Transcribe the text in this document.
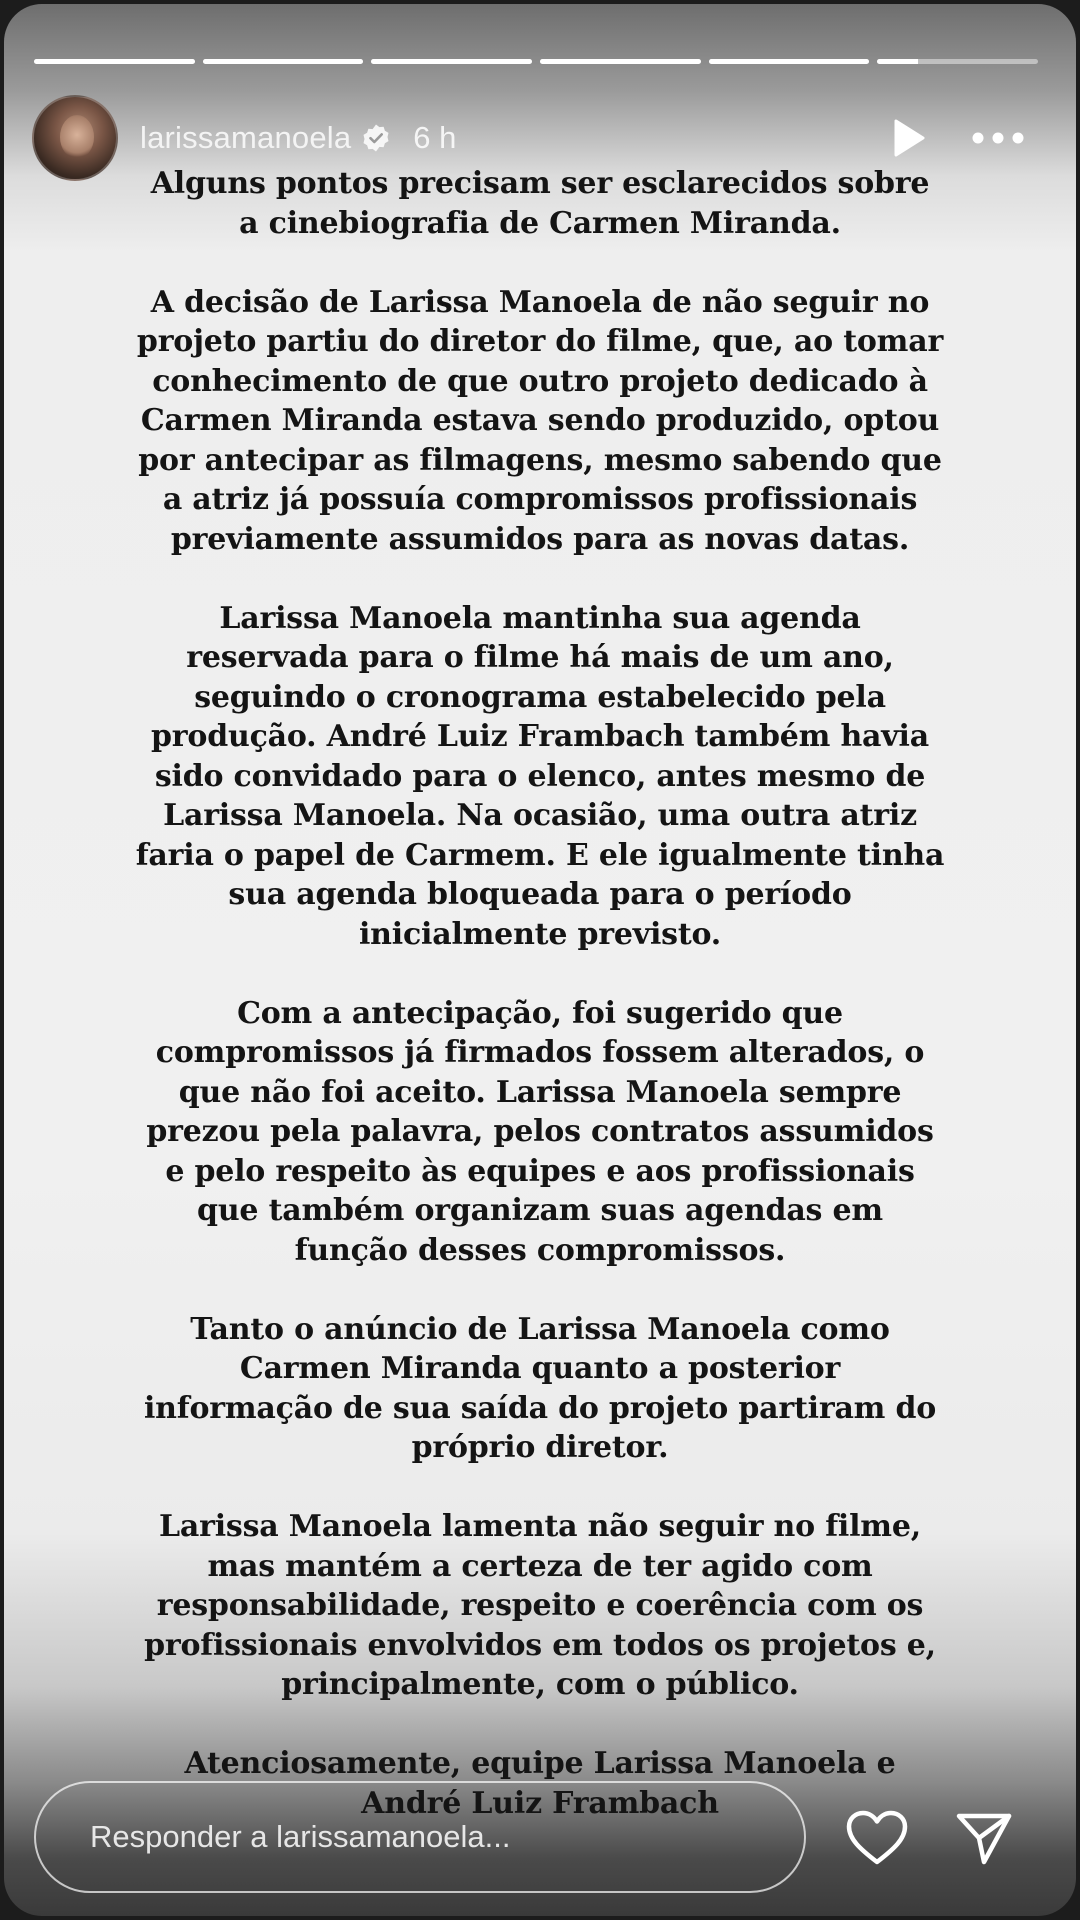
larissamanoela 6 h

Alguns pontos precisam ser esclarecidos sobre
a cinebiografia de Carmen Miranda.

A decisão de Larissa Manoela de não seguir no
projeto partiu do diretor do filme, que, ao tomar
conhecimento de que outro projeto dedicado à
Carmen Miranda estava sendo produzido, optou
por antecipar as filmagens, mesmo sabendo que
a atriz já possuía compromissos profissionais
previamente assumidos para as novas datas.

Larissa Manoela mantinha sua agenda
reservada para o filme há mais de um ano,
seguindo o cronograma estabelecido pela
produção. André Luiz Frambach também havia
sido convidado para o elenco, antes mesmo de
Larissa Manoela. Na ocasião, uma outra atriz
faria o papel de Carmem. E ele igualmente tinha
sua agenda bloqueada para o período
inicialmente previsto.

Com a antecipação, foi sugerido que
compromissos já firmados fossem alterados, o
que não foi aceito. Larissa Manoela sempre
prezou pela palavra, pelos contratos assumidos
e pelo respeito às equipes e aos profissionais
que também organizam suas agendas em
função desses compromissos.

Tanto o anúncio de Larissa Manoela como
Carmen Miranda quanto a posterior
informação de sua saída do projeto partiram do
próprio diretor.

Larissa Manoela lamenta não seguir no filme,
mas mantém a certeza de ter agido com
responsabilidade, respeito e coerência com os
profissionais envolvidos em todos os projetos e,
principalmente, com o público.

Atenciosamente, equipe Larissa Manoela e
André Luiz Frambach

Responder a larissamanoela...
